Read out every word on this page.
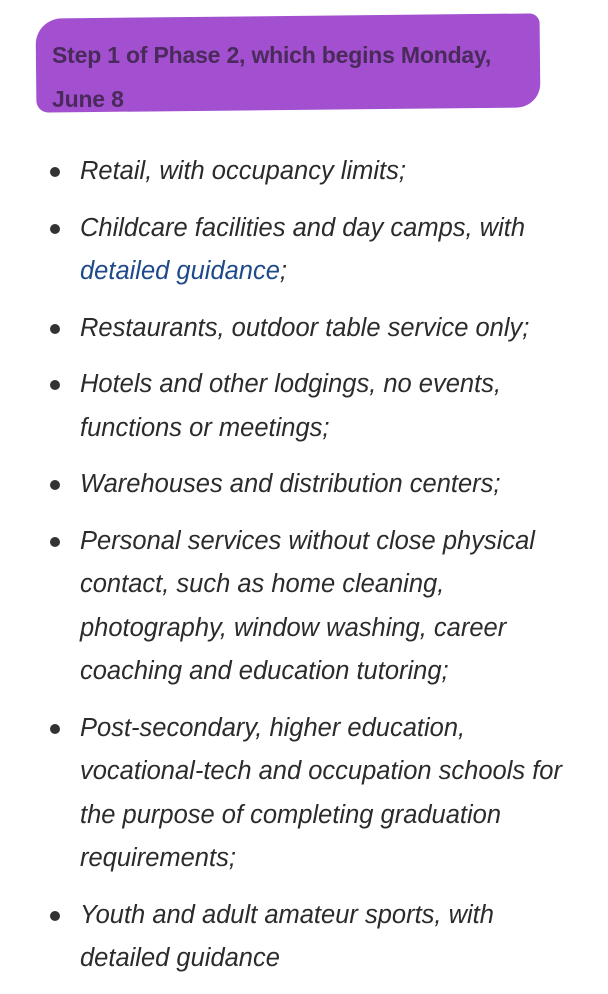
Step 1 of Phase 2, which begins Monday, June 8
Retail, with occupancy limits;
Childcare facilities and day camps, with detailed guidance;
Restaurants, outdoor table service only;
Hotels and other lodgings, no events, functions or meetings;
Warehouses and distribution centers;
Personal services without close physical contact, such as home cleaning, photography, window washing, career coaching and education tutoring;
Post-secondary, higher education, vocational-tech and occupation schools for the purpose of completing graduation requirements;
Youth and adult amateur sports, with detailed guidance
